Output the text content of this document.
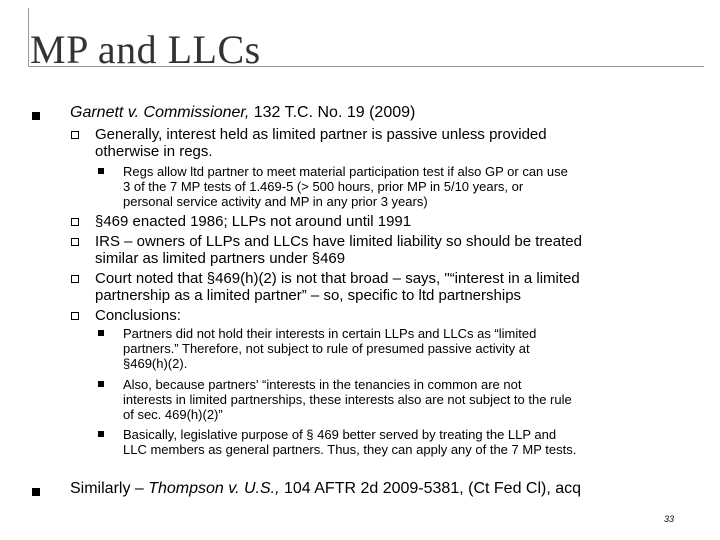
MP and LLCs
Garnett v. Commissioner, 132 T.C. No. 19 (2009)
Generally, interest held as limited partner is passive unless provided
otherwise in regs.
Regs allow ltd partner to meet material participation test if also GP or can use
3 of the 7 MP tests of 1.469-5 (> 500 hours, prior MP in 5/10 years, or
personal service activity and MP in any prior 3 years)
§469 enacted 1986; LLPs not around until 1991
IRS – owners of LLPs and LLCs have limited liability so should be treated
similar as limited partners under §469
Court noted that §469(h)(2) is not that broad – says, "“interest in a limited
partnership as a limited partner” – so, specific to ltd partnerships
Conclusions:
Partners did not hold their interests in certain LLPs and LLCs as “limited
partners.” Therefore, not subject to rule of presumed passive activity at
§469(h)(2).
Also, because partners' “interests in the tenancies in common are not
interests in limited partnerships, these interests also are not subject to the rule
of sec. 469(h)(2)”
Basically, legislative purpose of § 469 better served by treating the LLP and
LLC members as general partners. Thus, they can apply any of the 7 MP tests.
Similarly – Thompson v. U.S., 104 AFTR 2d 2009-5381, (Ct Fed Cl), acq
33
